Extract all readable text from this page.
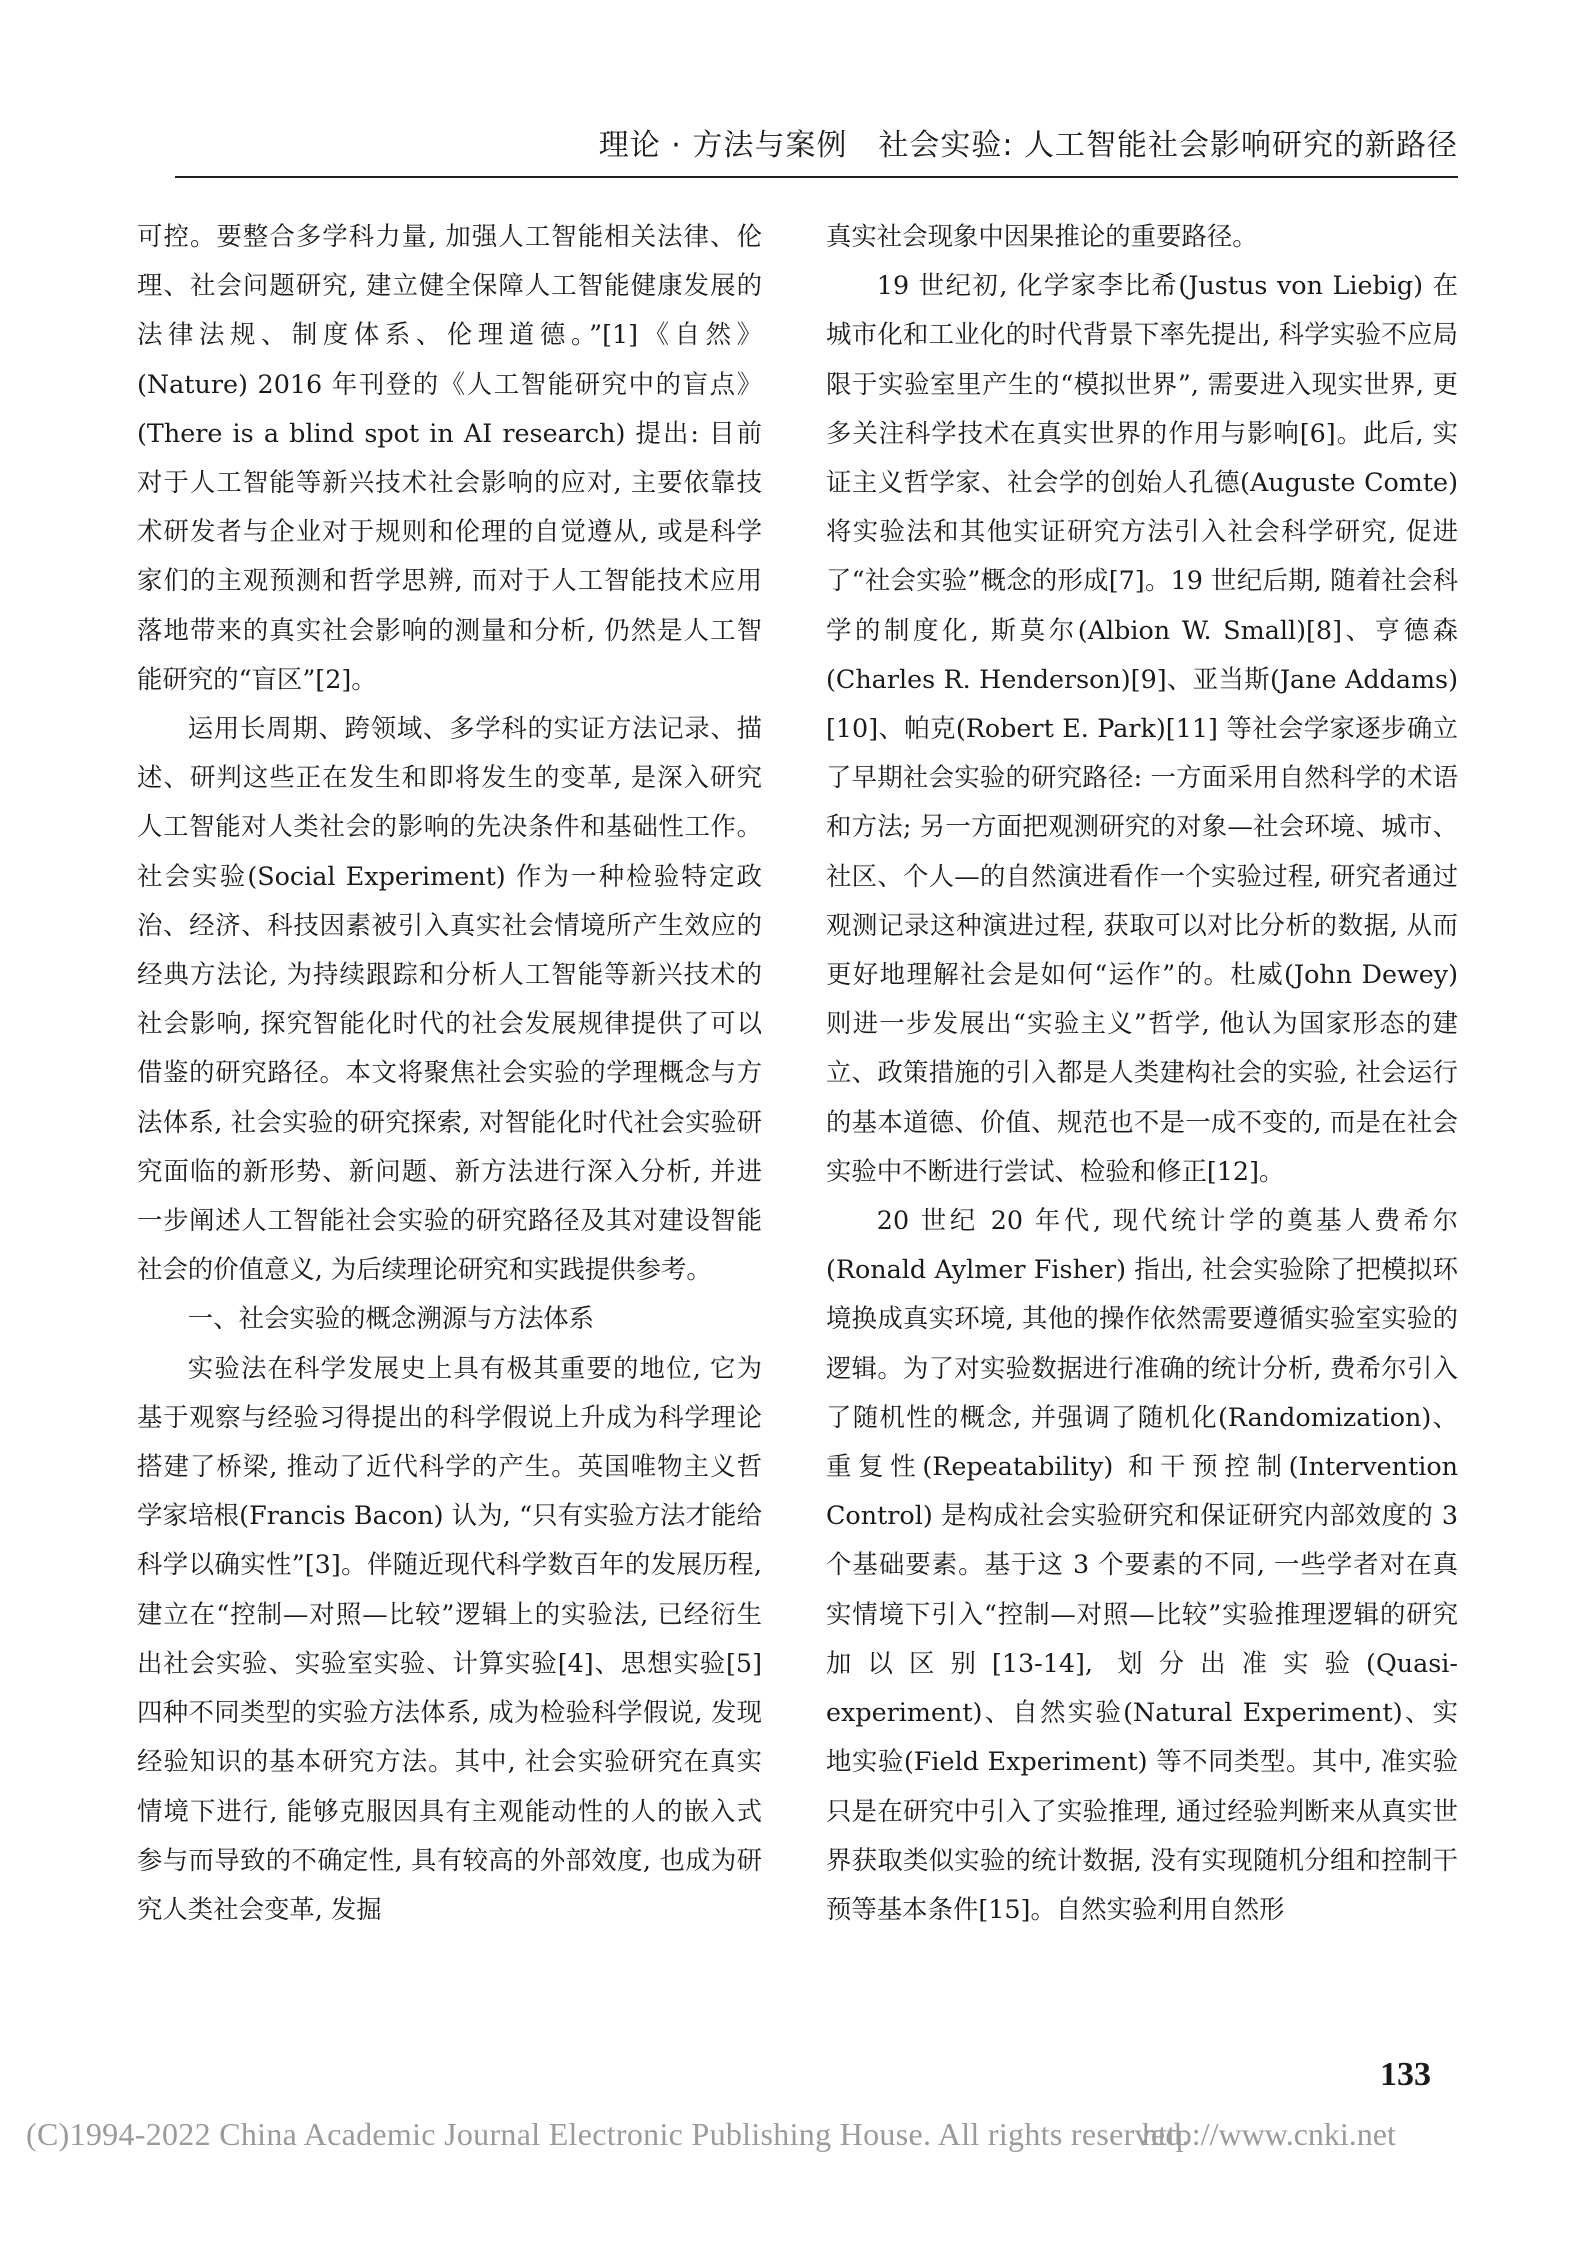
理论 · 方法与案例　社会实验: 人工智能社会影响研究的新路径

可控。要整合多学科力量, 加强人工智能相关法律、伦理、社会问题研究, 建立健全保障人工智能健康发展的法律法规、制度体系、伦理道德。”[1]《自然》(Nature) 2016 年刊登的《人工智能研究中的盲点》(There is a blind spot in AI research) 提出: 目前对于人工智能等新兴技术社会影响的应对, 主要依靠技术研发者与企业对于规则和伦理的自觉遵从, 或是科学家们的主观预测和哲学思辨, 而对于人工智能技术应用落地带来的真实社会影响的测量和分析, 仍然是人工智能研究的“盲区”[2]。

运用长周期、跨领域、多学科的实证方法记录、描述、研判这些正在发生和即将发生的变革, 是深入研究人工智能对人类社会的影响的先决条件和基础性工作。社会实验(Social Experiment) 作为一种检验特定政治、经济、科技因素被引入真实社会情境所产生效应的经典方法论, 为持续跟踪和分析人工智能等新兴技术的社会影响, 探究智能化时代的社会发展规律提供了可以借鉴的研究路径。本文将聚焦社会实验的学理概念与方法体系, 社会实验的研究探索, 对智能化时代社会实验研究面临的新形势、新问题、新方法进行深入分析, 并进一步阐述人工智能社会实验的研究路径及其对建设智能社会的价值意义, 为后续理论研究和实践提供参考。

一、社会实验的概念溯源与方法体系

实验法在科学发展史上具有极其重要的地位, 它为基于观察与经验习得提出的科学假说上升成为科学理论搭建了桥梁, 推动了近代科学的产生。英国唯物主义哲学家培根(Francis Bacon) 认为, “只有实验方法才能给科学以确实性”[3]。伴随近现代科学数百年的发展历程, 建立在“控制—对照—比较”逻辑上的实验法, 已经衍生出社会实验、实验室实验、计算实验[4]、思想实验[5] 四种不同类型的实验方法体系, 成为检验科学假说, 发现经验知识的基本研究方法。其中, 社会实验研究在真实情境下进行, 能够克服因具有主观能动性的人的嵌入式参与而导致的不确定性, 具有较高的外部效度, 也成为研究人类社会变革, 发掘

真实社会现象中因果推论的重要路径。

19 世纪初, 化学家李比希(Justus von Liebig) 在城市化和工业化的时代背景下率先提出, 科学实验不应局限于实验室里产生的“模拟世界”, 需要进入现实世界, 更多关注科学技术在真实世界的作用与影响[6]。此后, 实证主义哲学家、社会学的创始人孔德(Auguste Comte) 将实验法和其他实证研究方法引入社会科学研究, 促进了“社会实验”概念的形成[7]。19 世纪后期, 随着社会科学的制度化, 斯莫尔(Albion W. Small)[8]、亨德森(Charles R. Henderson)[9]、亚当斯(Jane Addams)[10]、帕克(Robert E. Park)[11] 等社会学家逐步确立了早期社会实验的研究路径: 一方面采用自然科学的术语和方法; 另一方面把观测研究的对象—社会环境、城市、社区、个人—的自然演进看作一个实验过程, 研究者通过观测记录这种演进过程, 获取可以对比分析的数据, 从而更好地理解社会是如何“运作”的。杜威(John Dewey) 则进一步发展出“实验主义”哲学, 他认为国家形态的建立、政策措施的引入都是人类建构社会的实验, 社会运行的基本道德、价值、规范也不是一成不变的, 而是在社会实验中不断进行尝试、检验和修正[12]。

20 世纪 20 年代, 现代统计学的奠基人费希尔(Ronald Aylmer Fisher) 指出, 社会实验除了把模拟环境换成真实环境, 其他的操作依然需要遵循实验室实验的逻辑。为了对实验数据进行准确的统计分析, 费希尔引入了随机性的概念, 并强调了随机化(Randomization)、重复性(Repeatability) 和干预控制(Intervention Control) 是构成社会实验研究和保证研究内部效度的 3 个基础要素。基于这 3 个要素的不同, 一些学者对在真实情境下引入“控制—对照—比较”实验推理逻辑的研究加以区别[13-14], 划分出准实验(Quasi-experiment)、自然实验(Natural Experiment)、实地实验(Field Experiment) 等不同类型。其中, 准实验只是在研究中引入了实验推理, 通过经验判断来从真实世界获取类似实验的统计数据, 没有实现随机分组和控制干预等基本条件[15]。自然实验利用自然形

133
(C)1994-2022 China Academic Journal Electronic Publishing House. All rights reserved.
http://www.cnki.net
